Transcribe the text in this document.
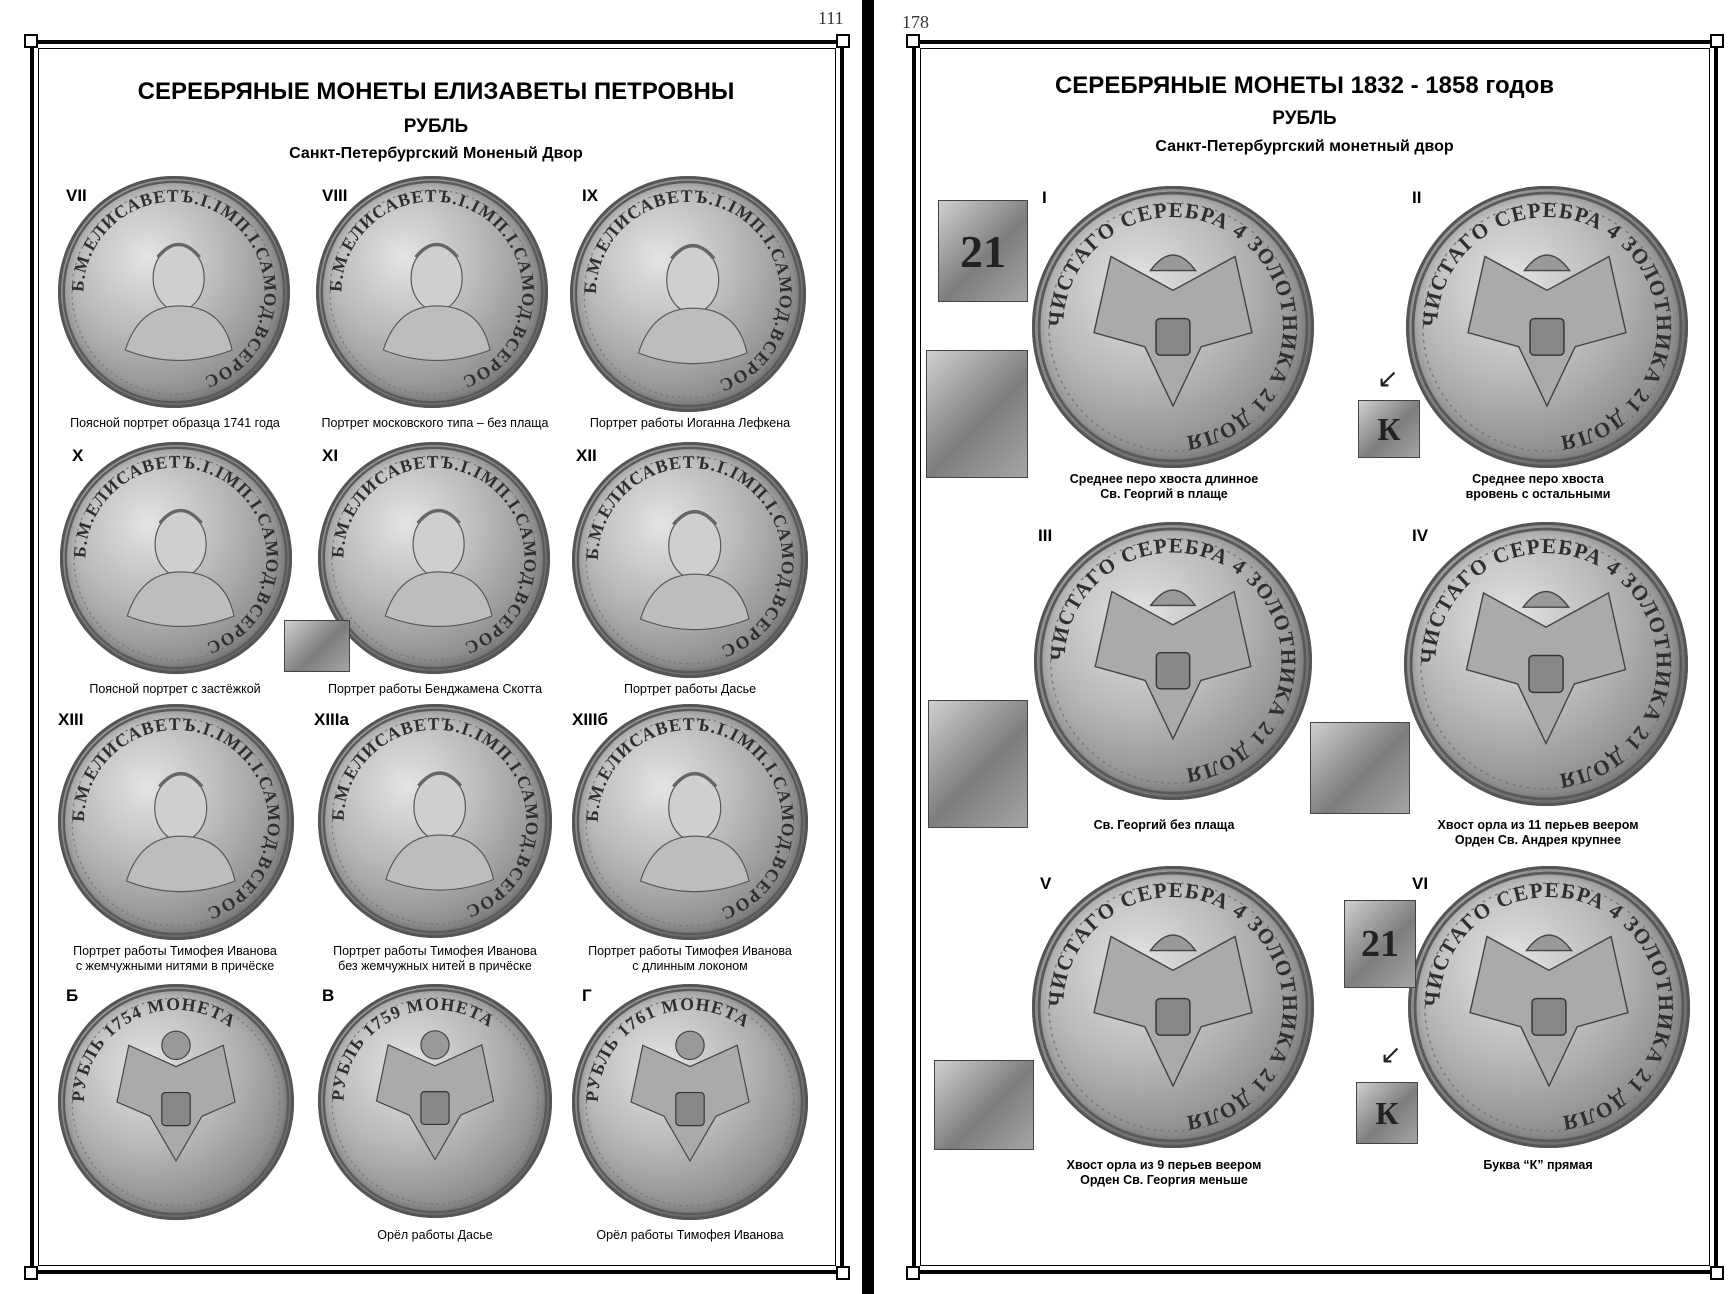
111
СЕРЕБРЯНЫЕ МОНЕТЫ ЕЛИЗАВЕТЫ ПЕТРОВНЫ
РУБЛЬ
Санкт-Петербургский Моненый Двор
Б.М.ЕЛИСАВЕТЪ.I.IМП.I.САМОД.ВСЕРОС
VII
Поясной портрет образца 1741 года
Б.М.ЕЛИСАВЕТЪ.I.IМП.I.САМОД.ВСЕРОС
VIII
Портрет московского типа – без плаща
Б.М.ЕЛИСАВЕТЪ.I.IМП.I.САМОД.ВСЕРОС
IX
Портрет работы Иоганна Лефкена
Б.М.ЕЛИСАВЕТЪ.I.IМП.I.САМОД.ВСЕРОС
X
Поясной портрет с застёжкой
Б.М.ЕЛИСАВЕТЪ.I.IМП.I.САМОД.ВСЕРОС
XI
Портрет работы Бенджамена Скотта
Б.М.ЕЛИСАВЕТЪ.I.IМП.I.САМОД.ВСЕРОС
XII
Портрет работы Дасье
Б.М.ЕЛИСАВЕТЪ.I.IМП.I.САМОД.ВСЕРОС
XIII
Портрет работы Тимофея Иванова
с жемчужными нитями в причёске
Б.М.ЕЛИСАВЕТЪ.I.IМП.I.САМОД.ВСЕРОС
XIIIa
Портрет работы Тимофея Иванова
без жемчужных нитей в причёске
Б.М.ЕЛИСАВЕТЪ.I.IМП.I.САМОД.ВСЕРОС
XIIIб
Портрет работы Тимофея Иванова
с длинным локоном
РУБЛЬ 1754 МОНЕТА
Б
РУБЛЬ 1759 МОНЕТА
В
Орёл работы Дасье
РУБЛЬ 1761 МОНЕТА
Г
Орёл работы Тимофея Иванова
178
СЕРЕБРЯНЫЕ МОНЕТЫ 1832 - 1858 годов
РУБЛЬ
Санкт-Петербургский монетный двор
ЧИСТАГО СЕРЕБРА 4 ЗОЛОТНИКА 21 ДОЛЯ
I
Среднее перо хвоста длинное
Св. Георгий в плаще
ЧИСТАГО СЕРЕБРА 4 ЗОЛОТНИКА 21 ДОЛЯ
II
Среднее перо хвоста
вровень с остальными
ЧИСТАГО СЕРЕБРА 4 ЗОЛОТНИКА 21 ДОЛЯ
III
Св. Георгий без плаща
ЧИСТАГО СЕРЕБРА 4 ЗОЛОТНИКА 21 ДОЛЯ
IV
Хвост орла из 11 перьев веером
Орден Св. Андрея крупнее
ЧИСТАГО СЕРЕБРА 4 ЗОЛОТНИКА 21 ДОЛЯ
V
Хвост орла из 9 перьев веером
Орден Св. Георгия меньше
ЧИСТАГО СЕРЕБРА 4 ЗОЛОТНИКА 21 ДОЛЯ
VI
Буква “К” прямая
21
↙
К
21
↙
К
